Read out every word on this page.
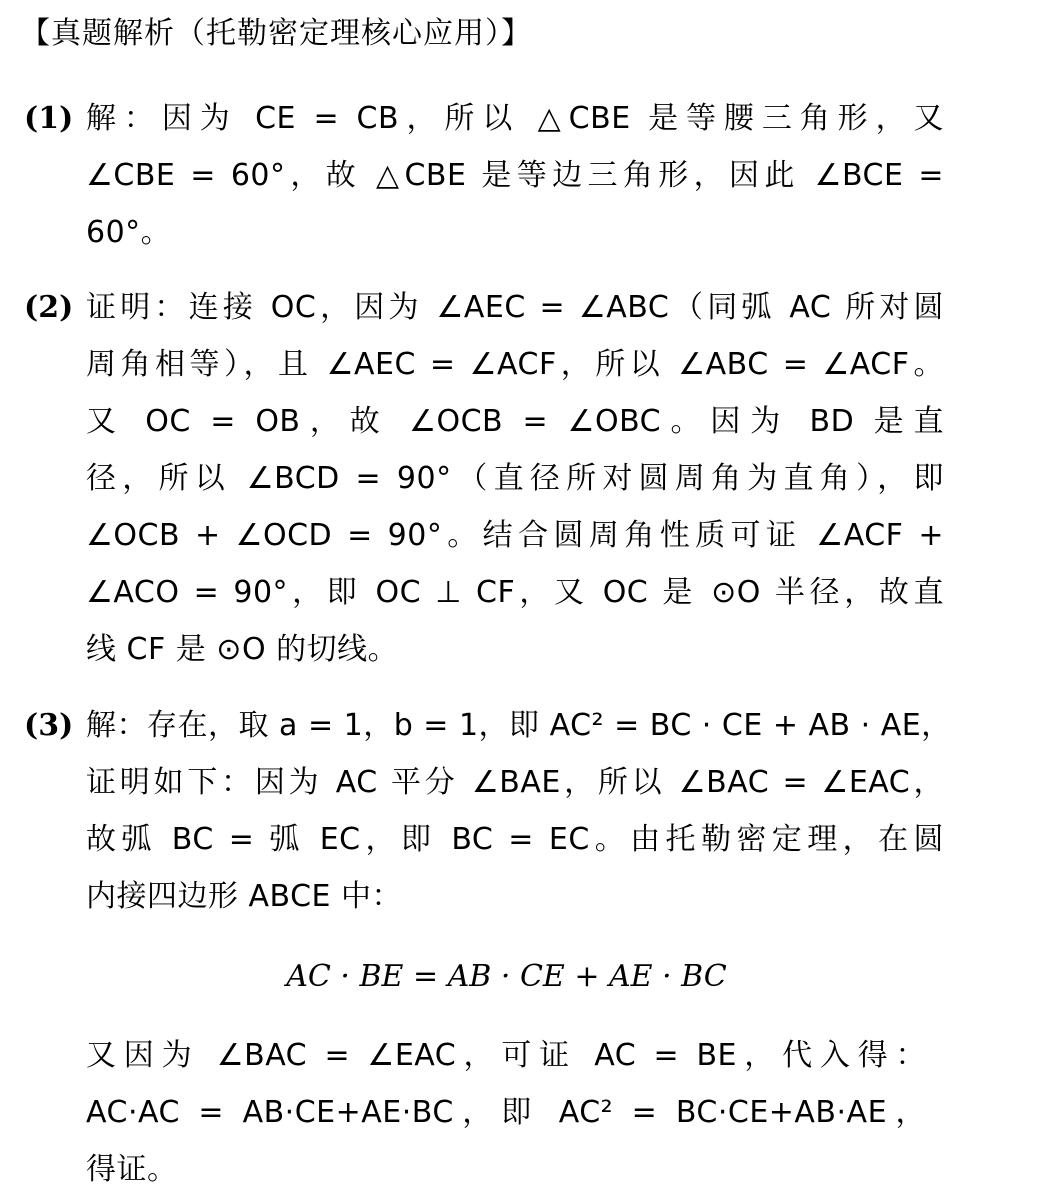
【真题解析（托勒密定理核心应用）】
(1) 解：因为 CE = CB，所以 △CBE 是等腰三角形，又
∠CBE = 60°，故 △CBE 是等边三角形，因此 ∠BCE =
60°。
(2) 证明：连接 OC，因为 ∠AEC = ∠ABC（同弧 AC 所对圆
周角相等），且 ∠AEC = ∠ACF，所以 ∠ABC = ∠ACF。
又 OC = OB，故 ∠OCB = ∠OBC。因为 BD 是直
径，所以 ∠BCD = 90°（直径所对圆周角为直角），即
∠OCB + ∠OCD = 90°。结合圆周角性质可证 ∠ACF +
∠ACO = 90°，即 OC ⊥ CF，又 OC 是 ⊙O 半径，故直
线 CF 是 ⊙O 的切线。
(3) 解：存在，取 a = 1，b = 1，即 AC² = BC · CE + AB · AE，
证明如下：因为 AC 平分 ∠BAE，所以 ∠BAC = ∠EAC，
故弧 BC = 弧 EC，即 BC = EC。由托勒密定理，在圆
内接四边形 ABCE 中：
AC · BE = AB · CE + AE · BC
又因为 ∠BAC = ∠EAC，可证 AC = BE，代入得：
AC·AC = AB·CE+AE·BC，即 AC² = BC·CE+AB·AE，
得证。
